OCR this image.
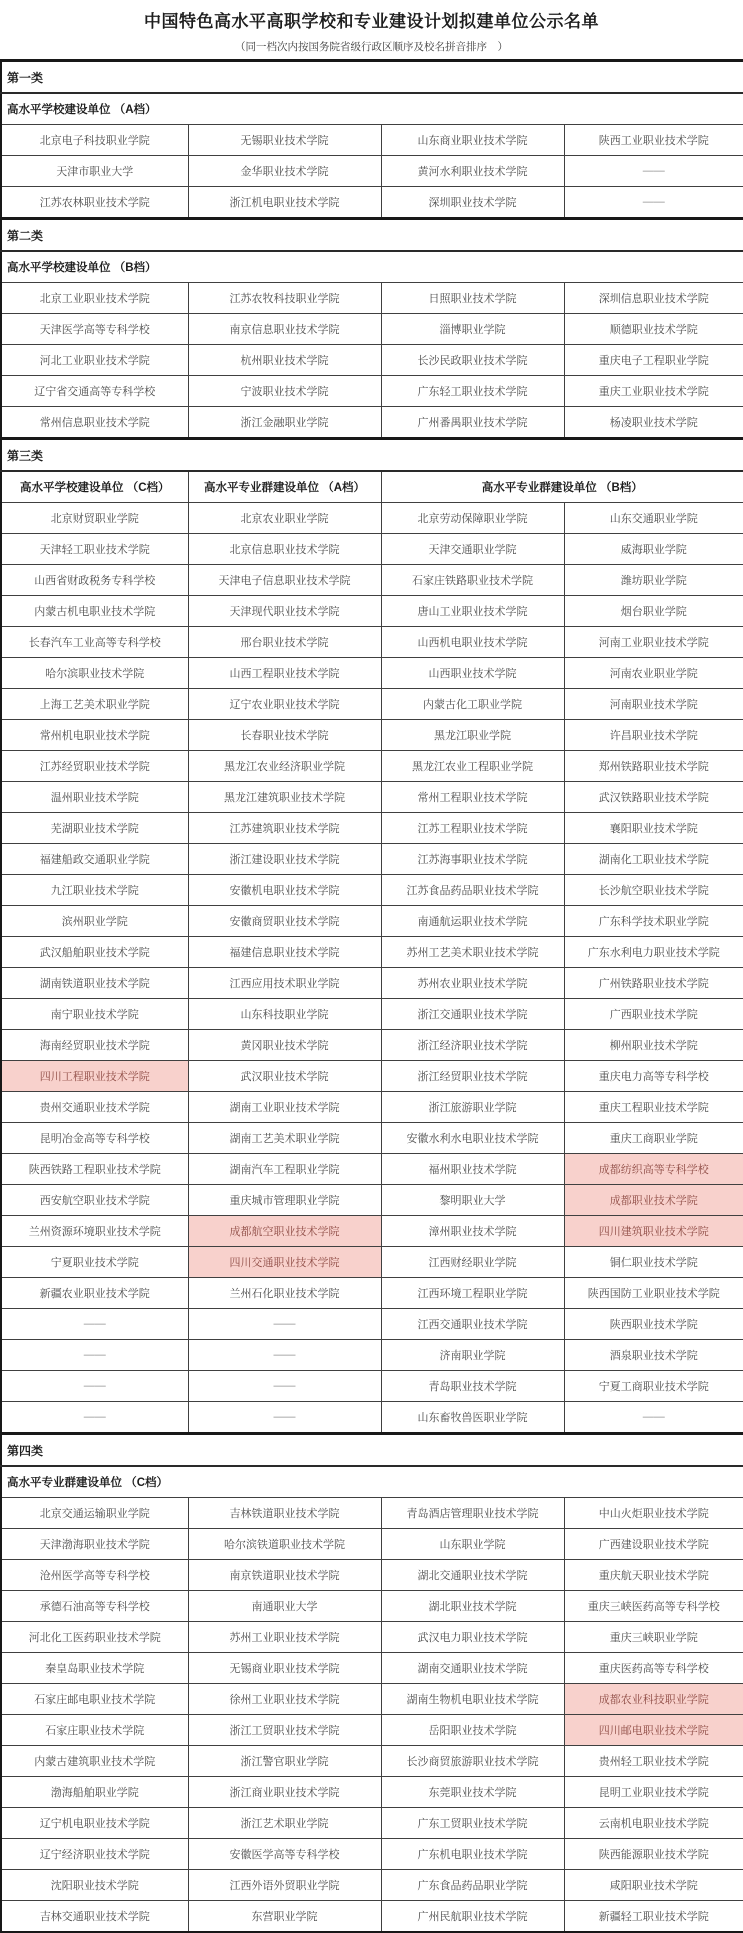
中国特色高水平高职学校和专业建设计划拟建单位公示名单
（同一档次内按国务院省级行政区顺序及校名拼音排序　）
第一类			
高水平学校建设单位 （A档）			
北京电子科技职业学院	无锡职业技术学院	山东商业职业技术学院	陕西工业职业技术学院
天津市职业大学	金华职业技术学院	黄河水利职业技术学院	——
江苏农林职业技术学院	浙江机电职业技术学院	深圳职业技术学院	——
第二类			
高水平学校建设单位 （B档）			
北京工业职业技术学院	江苏农牧科技职业学院	日照职业技术学院	深圳信息职业技术学院
天津医学高等专科学校	南京信息职业技术学院	淄博职业学院	顺德职业技术学院
河北工业职业技术学院	杭州职业技术学院	长沙民政职业技术学院	重庆电子工程职业学院
辽宁省交通高等专科学校	宁波职业技术学院	广东轻工职业技术学院	重庆工业职业技术学院
常州信息职业技术学院	浙江金融职业学院	广州番禺职业技术学院	杨凌职业技术学院
第三类			
高水平学校建设单位 （C档）	高水平专业群建设单位 （A档）	高水平专业群建设单位 （B档）	
北京财贸职业学院	北京农业职业学院	北京劳动保障职业学院	山东交通职业学院
天津轻工职业技术学院	北京信息职业技术学院	天津交通职业学院	威海职业学院
山西省财政税务专科学校	天津电子信息职业技术学院	石家庄铁路职业技术学院	潍坊职业学院
内蒙古机电职业技术学院	天津现代职业技术学院	唐山工业职业技术学院	烟台职业学院
长春汽车工业高等专科学校	邢台职业技术学院	山西机电职业技术学院	河南工业职业技术学院
哈尔滨职业技术学院	山西工程职业技术学院	山西职业技术学院	河南农业职业学院
上海工艺美术职业学院	辽宁农业职业技术学院	内蒙古化工职业学院	河南职业技术学院
常州机电职业技术学院	长春职业技术学院	黑龙江职业学院	许昌职业技术学院
江苏经贸职业技术学院	黑龙江农业经济职业学院	黑龙江农业工程职业学院	郑州铁路职业技术学院
温州职业技术学院	黑龙江建筑职业技术学院	常州工程职业技术学院	武汉铁路职业技术学院
芜湖职业技术学院	江苏建筑职业技术学院	江苏工程职业技术学院	襄阳职业技术学院
福建船政交通职业学院	浙江建设职业技术学院	江苏海事职业技术学院	湖南化工职业技术学院
九江职业技术学院	安徽机电职业技术学院	江苏食品药品职业技术学院	长沙航空职业技术学院
滨州职业学院	安徽商贸职业技术学院	南通航运职业技术学院	广东科学技术职业学院
武汉船舶职业技术学院	福建信息职业技术学院	苏州工艺美术职业技术学院	广东水利电力职业技术学院
湖南铁道职业技术学院	江西应用技术职业学院	苏州农业职业技术学院	广州铁路职业技术学院
南宁职业技术学院	山东科技职业学院	浙江交通职业技术学院	广西职业技术学院
海南经贸职业技术学院	黄冈职业技术学院	浙江经济职业技术学院	柳州职业技术学院
四川工程职业技术学院	武汉职业技术学院	浙江经贸职业技术学院	重庆电力高等专科学校
贵州交通职业技术学院	湖南工业职业技术学院	浙江旅游职业学院	重庆工程职业技术学院
昆明冶金高等专科学校	湖南工艺美术职业学院	安徽水利水电职业技术学院	重庆工商职业学院
陕西铁路工程职业技术学院	湖南汽车工程职业学院	福州职业技术学院	成都纺织高等专科学校
西安航空职业技术学院	重庆城市管理职业学院	黎明职业大学	成都职业技术学院
兰州资源环境职业技术学院	成都航空职业技术学院	漳州职业技术学院	四川建筑职业技术学院
宁夏职业技术学院	四川交通职业技术学院	江西财经职业学院	铜仁职业技术学院
新疆农业职业技术学院	兰州石化职业技术学院	江西环境工程职业学院	陕西国防工业职业技术学院
——	——	江西交通职业技术学院	陕西职业技术学院
——	——	济南职业学院	酒泉职业技术学院
——	——	青岛职业技术学院	宁夏工商职业技术学院
——	——	山东畜牧兽医职业学院	——
第四类			
高水平专业群建设单位 （C档）			
北京交通运输职业学院	吉林铁道职业技术学院	青岛酒店管理职业技术学院	中山火炬职业技术学院
天津渤海职业技术学院	哈尔滨铁道职业技术学院	山东职业学院	广西建设职业技术学院
沧州医学高等专科学校	南京铁道职业技术学院	湖北交通职业技术学院	重庆航天职业技术学院
承德石油高等专科学校	南通职业大学	湖北职业技术学院	重庆三峡医药高等专科学校
河北化工医药职业技术学院	苏州工业职业技术学院	武汉电力职业技术学院	重庆三峡职业学院
秦皇岛职业技术学院	无锡商业职业技术学院	湖南交通职业技术学院	重庆医药高等专科学校
石家庄邮电职业技术学院	徐州工业职业技术学院	湖南生物机电职业技术学院	成都农业科技职业学院
石家庄职业技术学院	浙江工贸职业技术学院	岳阳职业技术学院	四川邮电职业技术学院
内蒙古建筑职业技术学院	浙江警官职业学院	长沙商贸旅游职业技术学院	贵州轻工职业技术学院
渤海船舶职业学院	浙江商业职业技术学院	东莞职业技术学院	昆明工业职业技术学院
辽宁机电职业技术学院	浙江艺术职业学院	广东工贸职业技术学院	云南机电职业技术学院
辽宁经济职业技术学院	安徽医学高等专科学校	广东机电职业技术学院	陕西能源职业技术学院
沈阳职业技术学院	江西外语外贸职业学院	广东食品药品职业学院	咸阳职业技术学院
吉林交通职业技术学院	东营职业学院	广州民航职业技术学院	新疆轻工职业技术学院
